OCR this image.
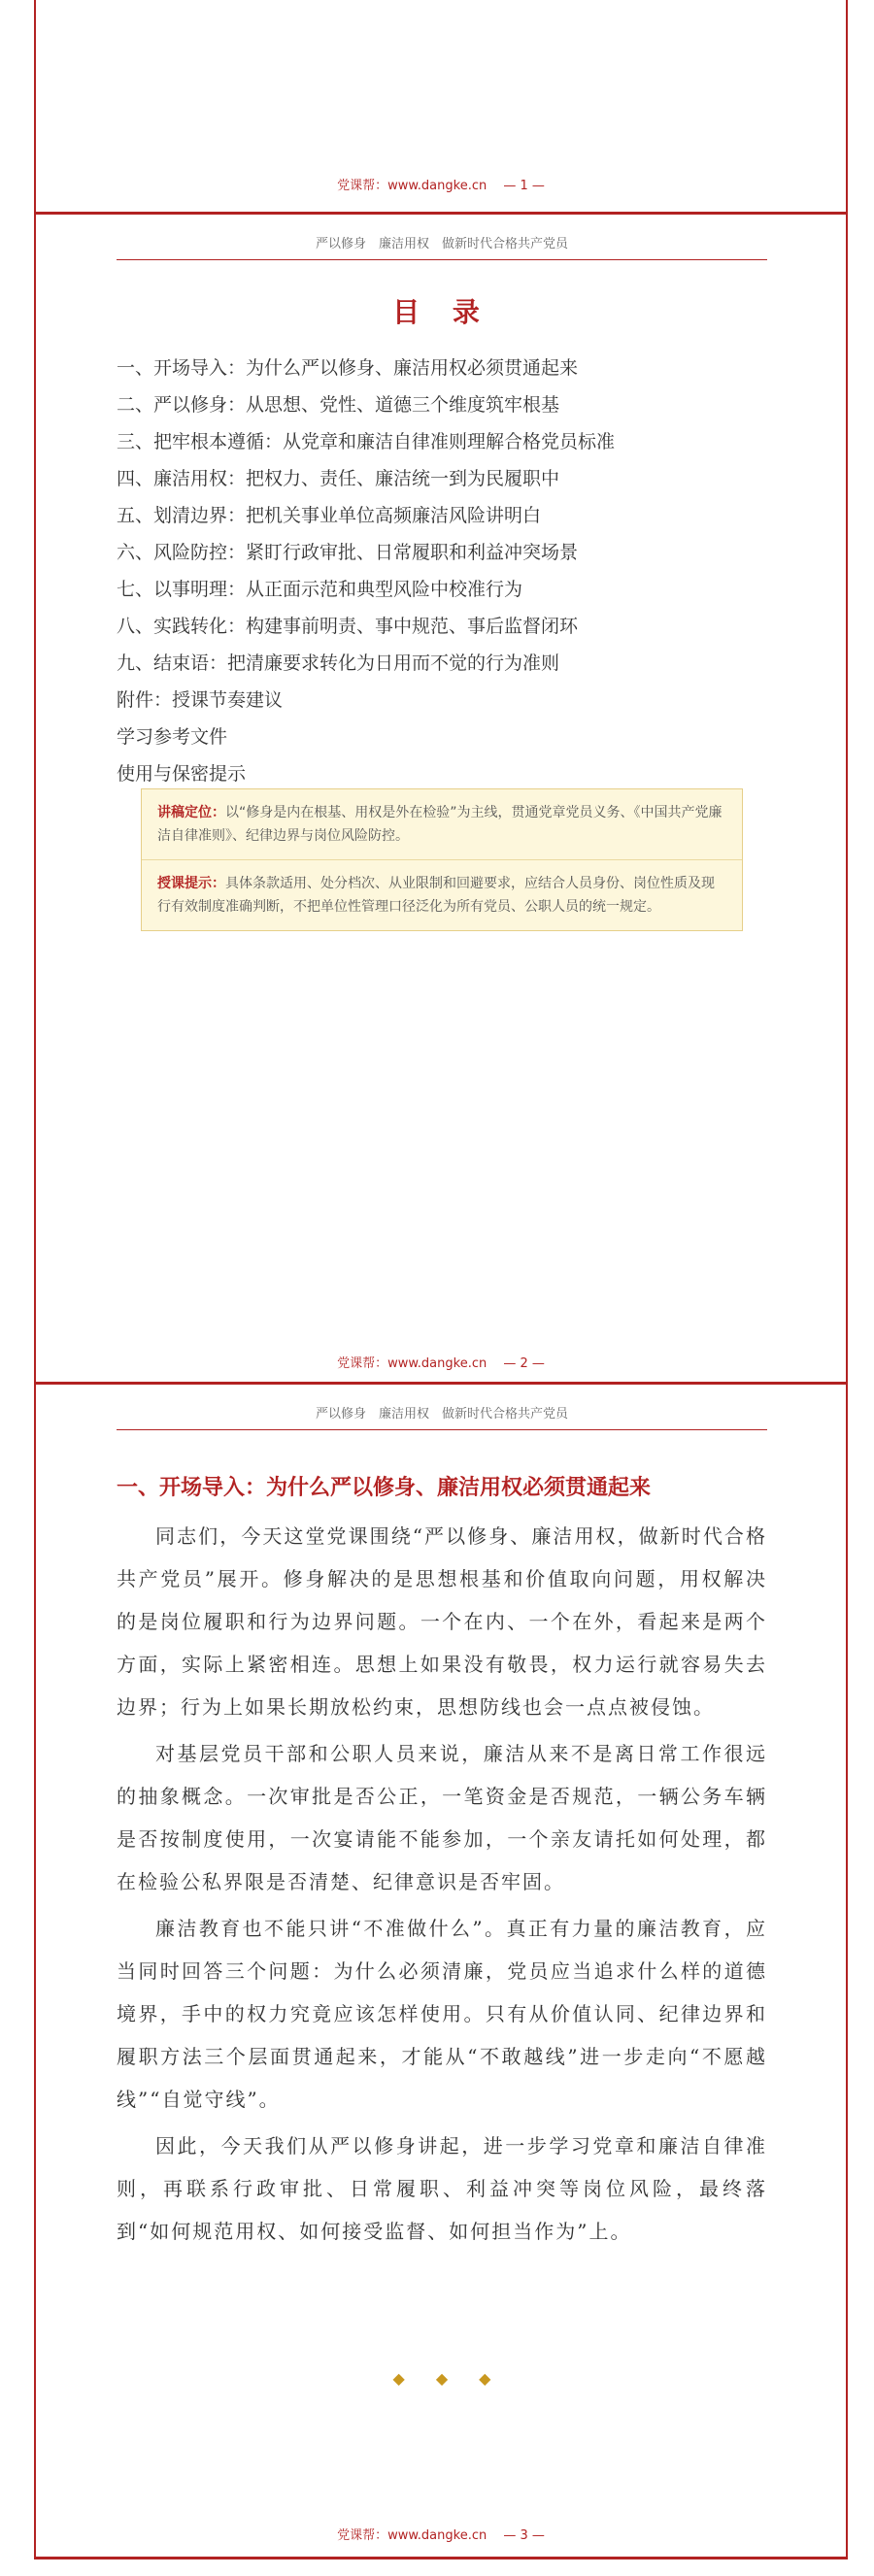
党课帮：www.dangke.cn　 — 1 —
严以修身　廉洁用权　做新时代合格共产党员
目 录
一、开场导入：为什么严以修身、廉洁用权必须贯通起来
二、严以修身：从思想、党性、道德三个维度筑牢根基
三、把牢根本遵循：从党章和廉洁自律准则理解合格党员标准
四、廉洁用权：把权力、责任、廉洁统一到为民履职中
五、划清边界：把机关事业单位高频廉洁风险讲明白
六、风险防控：紧盯行政审批、日常履职和利益冲突场景
七、以事明理：从正面示范和典型风险中校准行为
八、实践转化：构建事前明责、事中规范、事后监督闭环
九、结束语：把清廉要求转化为日用而不觉的行为准则
附件：授课节奏建议
学习参考文件
使用与保密提示
讲稿定位：以“修身是内在根基、用权是外在检验”为主线，贯通党章党员义务、《中国共产党廉洁自律准则》、纪律边界与岗位风险防控。
授课提示：具体条款适用、处分档次、从业限制和回避要求，应结合人员身份、岗位性质及现行有效制度准确判断，不把单位性管理口径泛化为所有党员、公职人员的统一规定。
党课帮：www.dangke.cn　 — 2 —
严以修身　廉洁用权　做新时代合格共产党员
一、开场导入：为什么严以修身、廉洁用权必须贯通起来

同志们，今天这堂党课围绕“严以修身、廉洁用权，做新时代合格共产党员”展开。修身解决的是思想根基和价值取向问题，用权解决的是岗位履职和行为边界问题。一个在内、一个在外，看起来是两个方面，实际上紧密相连。思想上如果没有敬畏，权力运行就容易失去边界；行为上如果长期放松约束，思想防线也会一点点被侵蚀。

对基层党员干部和公职人员来说，廉洁从来不是离日常工作很远的抽象概念。一次审批是否公正，一笔资金是否规范，一辆公务车辆是否按制度使用，一次宴请能不能参加，一个亲友请托如何处理，都在检验公私界限是否清楚、纪律意识是否牢固。

廉洁教育也不能只讲“不准做什么”。真正有力量的廉洁教育，应当同时回答三个问题：为什么必须清廉，党员应当追求什么样的道德境界，手中的权力究竟应该怎样使用。只有从价值认同、纪律边界和履职方法三个层面贯通起来，才能从“不敢越线”进一步走向“不愿越线”“自觉守线”。

因此，今天我们从严以修身讲起，进一步学习党章和廉洁自律准则，再联系行政审批、日常履职、利益冲突等岗位风险，最终落到“如何规范用权、如何接受监督、如何担当作为”上。

◆ ◆ ◆
党课帮：www.dangke.cn　 — 3 —
